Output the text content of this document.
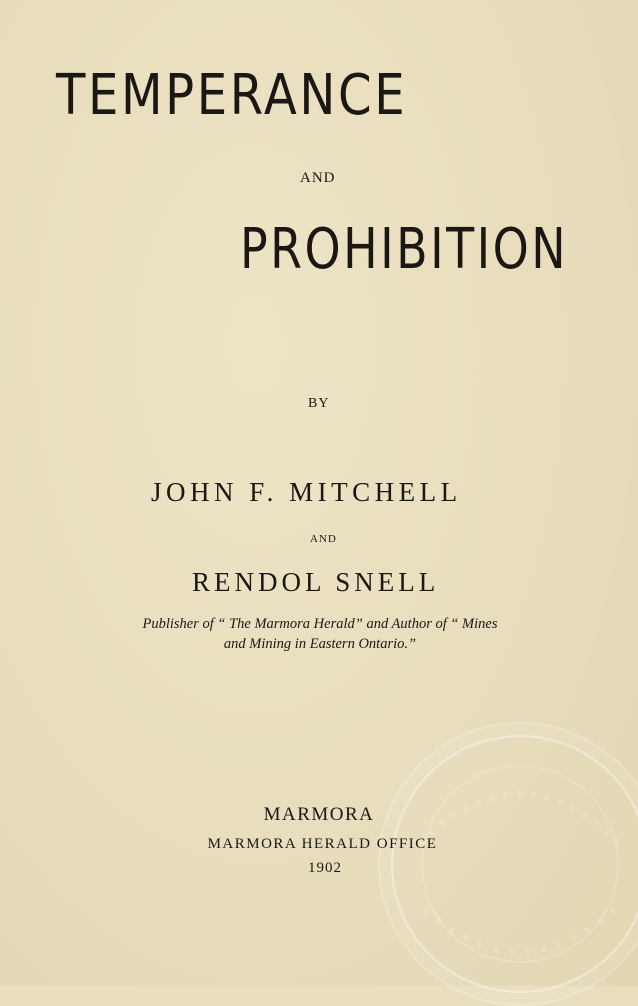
TEMPERANCE
AND
PROHIBITION
BY
JOHN F. MITCHELL
AND
RENDOL SNELL
Publisher of “ The Marmora Herald” and Author of “ Mines
and Mining in Eastern Ontario.”
MARMORA
MARMORA HERALD OFFICE
1902
